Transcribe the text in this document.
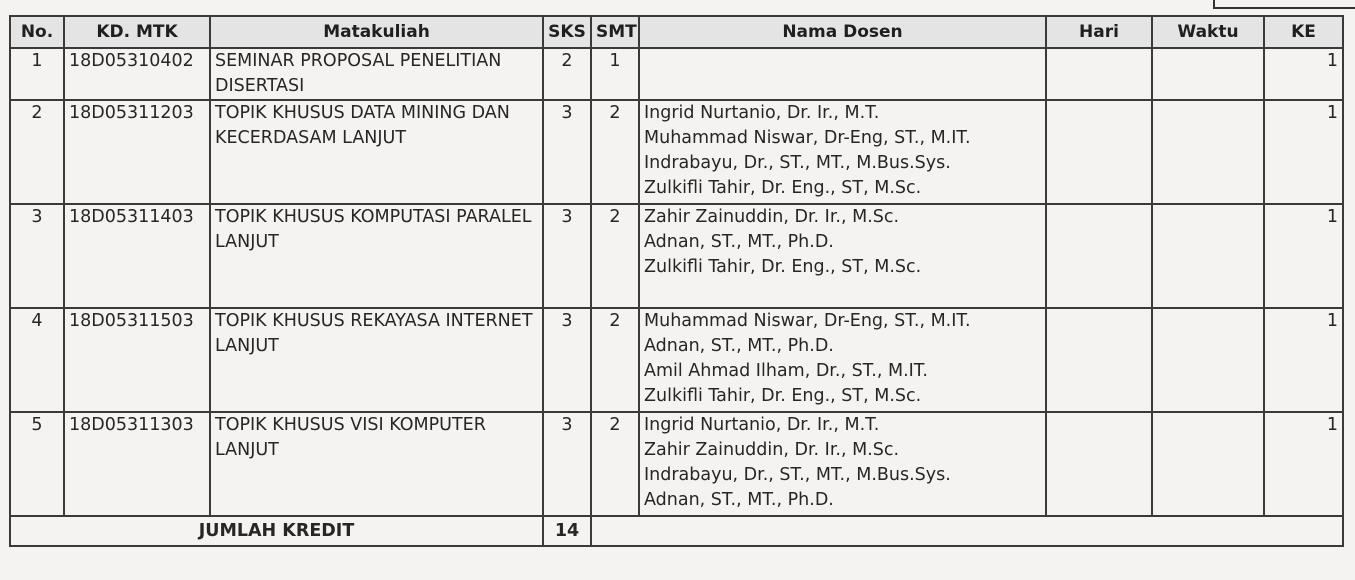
No.	KD. MTK	Matakuliah	SKS	SMT	Nama Dosen	Hari	Waktu	KE
1	18D05310402	SEMINAR PROPOSAL PENELITIAN DISERTASI	2	1				1
2	18D05311203	TOPIK KHUSUS DATA MINING DAN KECERDASAM LANJUT	3	2	Ingrid Nurtanio, Dr. Ir., M.T.
Muhammad Niswar, Dr-Eng, ST., M.IT.
Indrabayu, Dr., ST., MT., M.Bus.Sys.
Zulkifli Tahir, Dr. Eng., ST, M.Sc.			1
3	18D05311403	TOPIK KHUSUS KOMPUTASI PARALEL LANJUT	3	2	Zahir Zainuddin, Dr. Ir., M.Sc.
Adnan, ST., MT., Ph.D.
Zulkifli Tahir, Dr. Eng., ST, M.Sc.			1
4	18D05311503	TOPIK KHUSUS REKAYASA INTERNET LANJUT	3	2	Muhammad Niswar, Dr-Eng, ST., M.IT.
Adnan, ST., MT., Ph.D.
Amil Ahmad Ilham, Dr., ST., M.IT.
Zulkifli Tahir, Dr. Eng., ST, M.Sc.			1
5	18D05311303	TOPIK KHUSUS VISI KOMPUTER LANJUT	3	2	Ingrid Nurtanio, Dr. Ir., M.T.
Zahir Zainuddin, Dr. Ir., M.Sc.
Indrabayu, Dr., ST., MT., M.Bus.Sys.
Adnan, ST., MT., Ph.D.			1
JUMLAH KREDIT			14					
